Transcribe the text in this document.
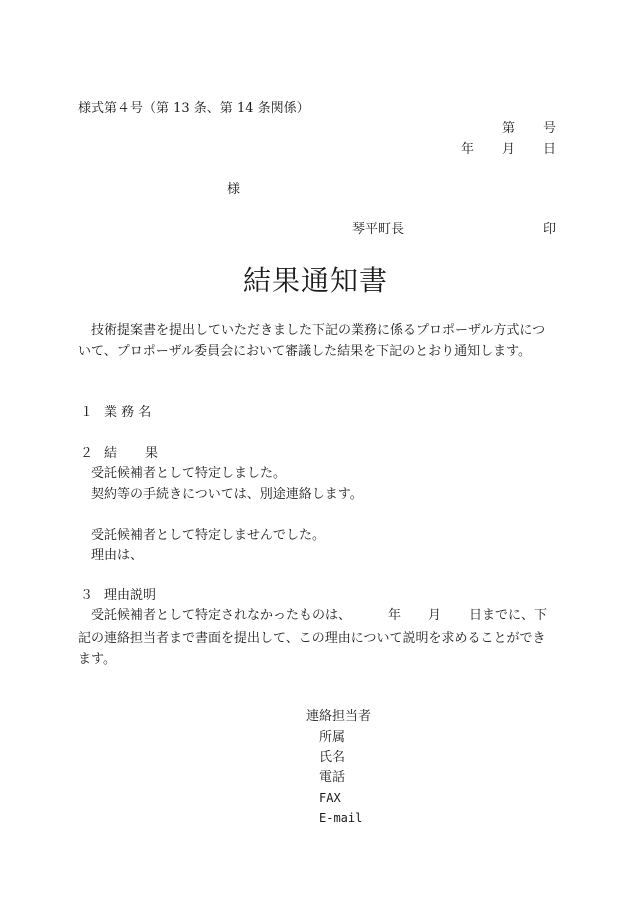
様式第４号（第 13 条、第 14 条関係）
第 号
年 月 日
様
琴平町長	印
結果通知書
技術提案書を提出していただきました下記の業務に係るプロポーザル方式について、プロポーザル委員会において審議した結果を下記のとおり通知します。
１ 業 務 名
２ 結 果
受託候補者として特定しました。
契約等の手続きについては、別途連絡します。
受託候補者として特定しませんでした。
理由は、
３ 理由説明
受託候補者として特定されなかったものは、	年 月 日までに、下
記の連絡担当者まで書面を提出して、この理由について説明を求めることができます。
連絡担当者
所属
氏名
電話
FAX
E-mail
